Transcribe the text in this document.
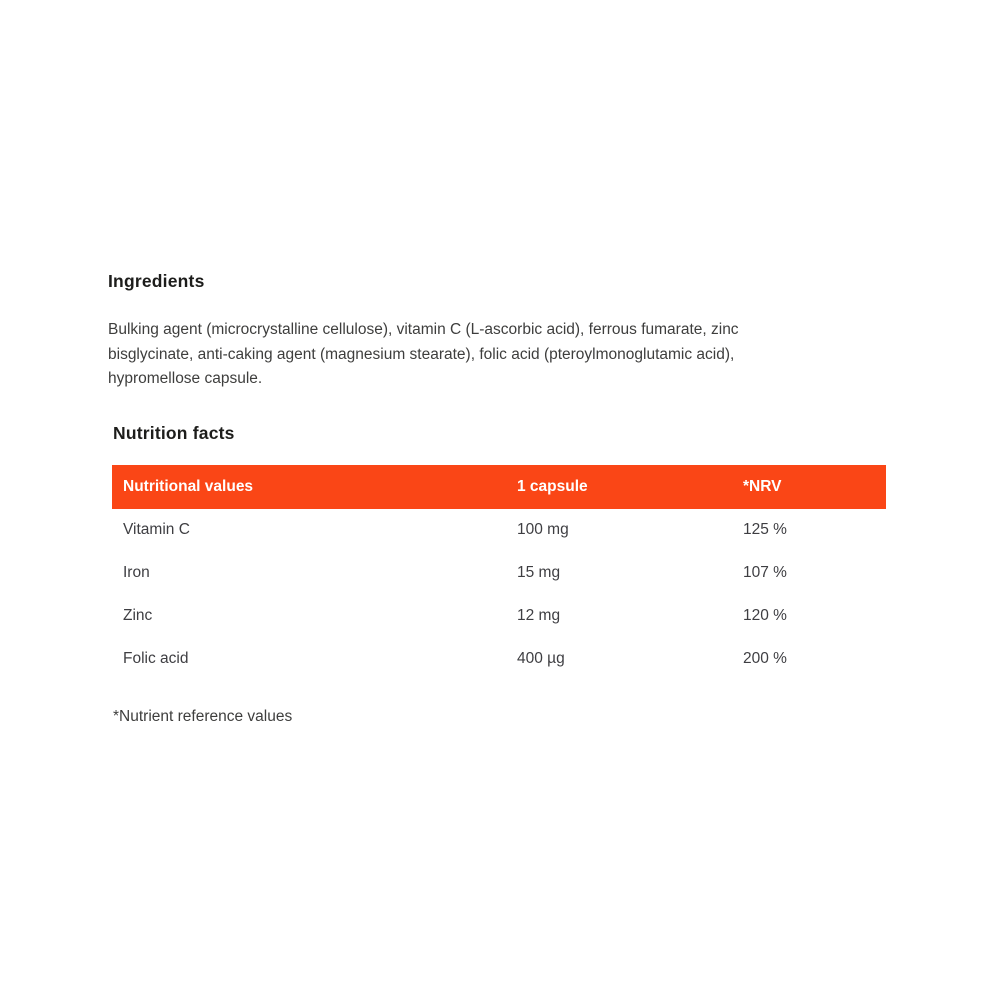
Ingredients

Bulking agent (microcrystalline cellulose), vitamin C (L-ascorbic acid), ferrous fumarate, zinc bisglycinate, anti-caking agent (magnesium stearate), folic acid (pteroylmonoglutamic acid), hypromellose capsule.

Nutrition facts
Nutritional values	1 capsule	*NRV
Vitamin C	100 mg	125 %
Iron	15 mg	107 %
Zinc	12 mg	120 %
Folic acid	400 µg	200 %

*Nutrient reference values
